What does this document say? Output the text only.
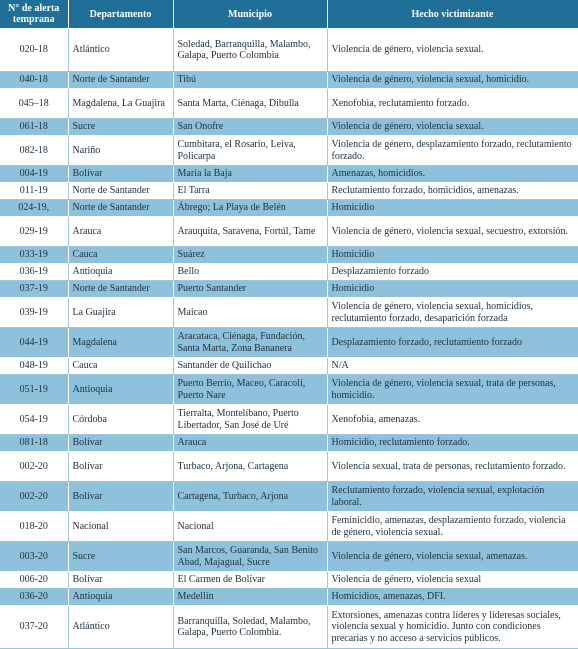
N° de alerta temprana	Departamento	Municipio	Hecho victimizante
020-18	Atlántico	Soledad, Barranquilla, Malambo, Galapa, Puerto Colombia	Violencia de género, violencia sexual.
040-18	Norte de Santander	Tibú	Violencia de género, violencia sexual, homicidio.
045–18	Magdalena, La Guajira	Santa Marta, Ciénaga, Dibulla	Xenofobia, reclutamiento forzado.
061-18	Sucre	San Onofre	Violencia de género, violencia sexual.
082-18	Nariño	Cumbitara, el Rosario, Leiva, Policarpa	Violencia de género, desplazamiento forzado, reclutamiento forzado.
004-19	Bolívar	María la Baja	Amenazas, homicidios.
011-19	Norte de Santander	El Tarra	Reclutamiento forzado, homicidios, amenazas.
024-19,	Norte de Santander	Ábrego; La Playa de Belén	Homicidio
029-19	Arauca	Arauquita, Saravena, Fortúl, Tame	Violencia de género, violencia sexual, secuestro, extorsión.
033-19	Cauca	Suárez	Homicidio
036-19	Antioquia	Bello	Desplazamiento forzado
037-19	Norte de Santander	Puerto Santander	Homicidio
039-19	La Guajira	Maicao	Violencia de género, violencia sexual, homicidios, reclutamiento forzado, desaparición forzada
044-19	Magdalena	Aracataca, Ciénaga, Fundación, Santa Marta, Zona Bananera	Desplazamiento forzado, reclutamiento forzado
048-19	Cauca	Santander de Quilichao	N/A
051-19	Antioquia	Puerto Berrío, Maceo, Caracolí, Puerto Nare	Violencia de género, violencia sexual, trata de personas, homicidio.
054-19	Córdoba	Tierralta, Montelíbano, Puerto Libertador, San José de Uré	Xenofobia, amenazas.
081-18	Bolívar	Arauca	Homicidio, reclutamiento forzado.
002-20	Bolívar	Turbaco, Arjona, Cartagena	Violencia sexual, trata de personas, reclutamiento forzado.
002-20	Bolívar	Cartagena, Turbaco, Arjona	Reclutamiento forzado, violencia sexual, explotación laboral.
018-20	Nacional	Nacional	Feminicidio, amenazas, desplazamiento forzado, violencia de género, violencia sexual.
003-20	Sucre	San Marcos, Guaranda, San Benito Abad, Majagual, Sucre	Violencia de género, violencia sexual, amenazas.
006-20	Bolívar	El Carmen de Bolívar	Violencia de género, violencia sexual
036-20	Antioquia	Medellín	Homicidios, amenazas, DFI.
037-20	Atlántico	Barranquilla, Soledad, Malambo, Galapa, Puerto Colombia.	Extorsiones, amenazas contra líderes y lideresas sociales, violencia sexual y homicidio. Junto con condiciones precarias y no acceso a servicios públicos.
